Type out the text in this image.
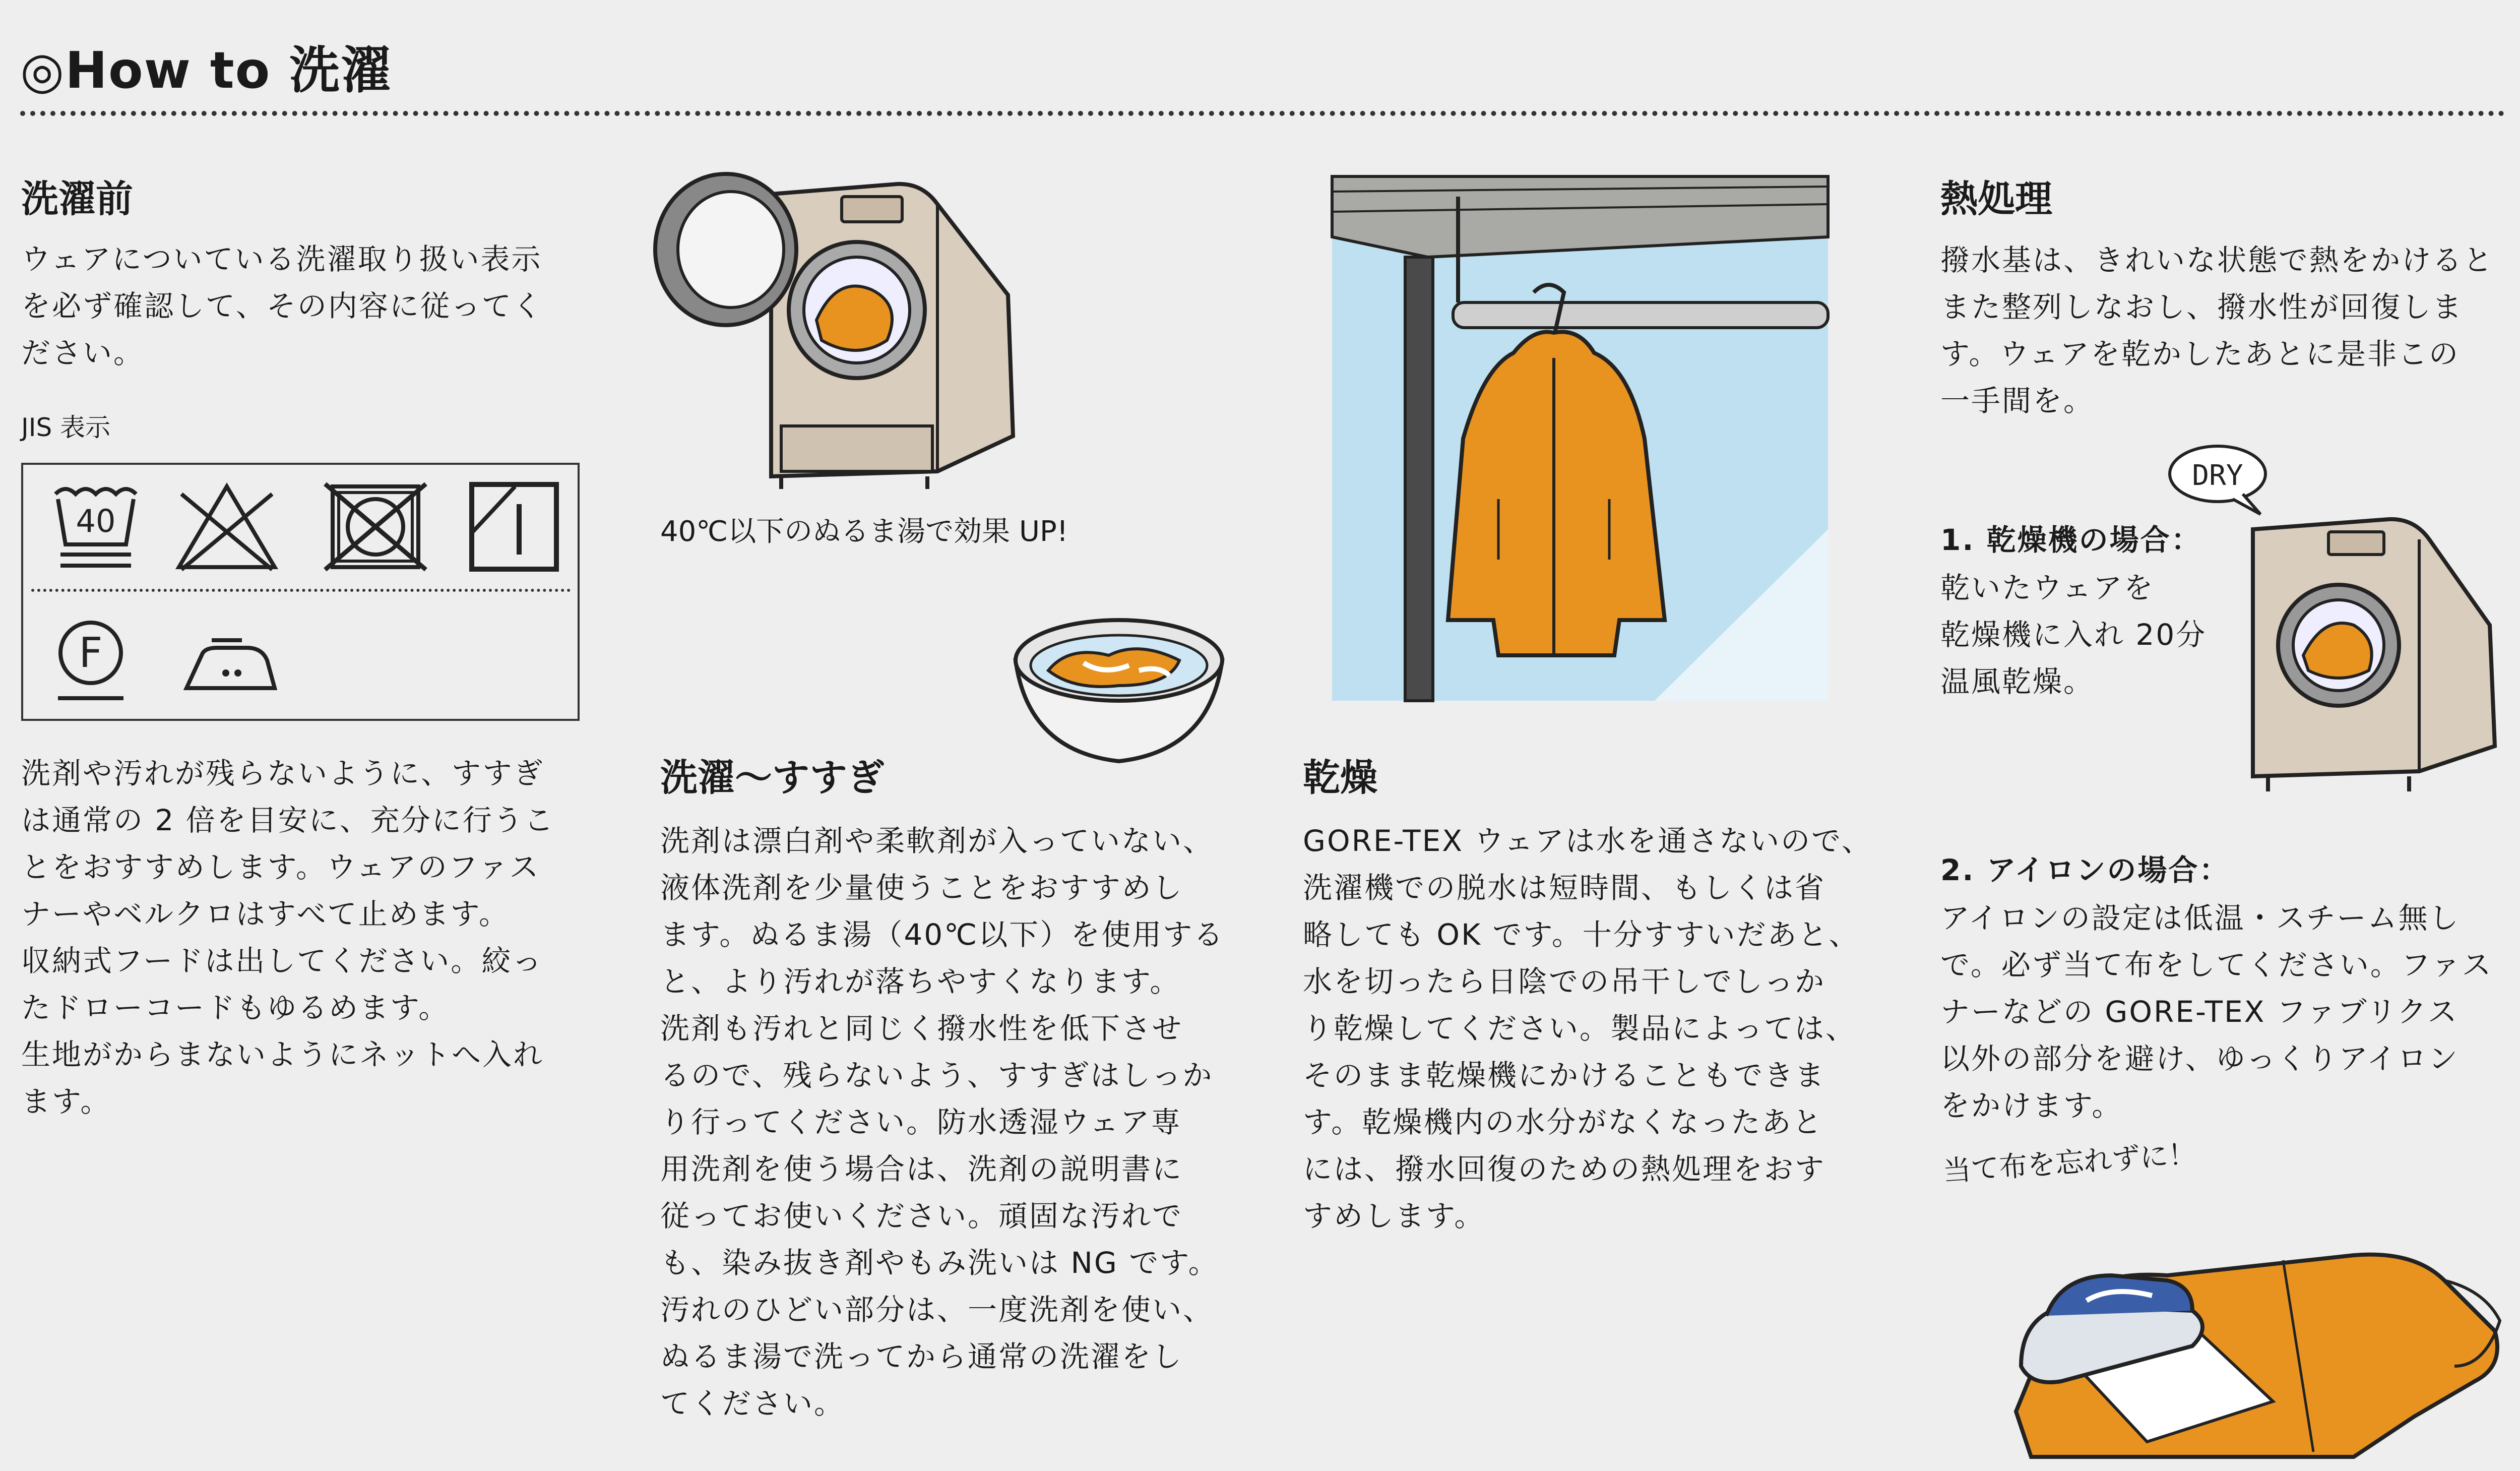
◎How to 洗濯
洗濯前
ウェアについている洗濯取り扱い表示
を必ず確認して、その内容に従ってく
ださい。
JIS 表示
40
F
洗剤や汚れが残らないように、すすぎ
は通常の 2 倍を目安に、充分に行うこ
とをおすすめします。ウェアのファス
ナーやベルクロはすべて止めます。
収納式フードは出してください。絞っ
たドローコードもゆるめます。
生地がからまないようにネットへ入れ
ます。
40℃以下のぬるま湯で効果 UP!
洗濯〜すすぎ
洗剤は漂白剤や柔軟剤が入っていない、
液体洗剤を少量使うことをおすすめし
ます。ぬるま湯（40℃以下）を使用する
と、より汚れが落ちやすくなります。
洗剤も汚れと同じく撥水性を低下させ
るので、残らないよう、すすぎはしっか
り行ってください。防水透湿ウェア専
用洗剤を使う場合は、洗剤の説明書に
従ってお使いください。頑固な汚れで
も、染み抜き剤やもみ洗いは NG です。
汚れのひどい部分は、一度洗剤を使い、
ぬるま湯で洗ってから通常の洗濯をし
てください。
乾燥
GORE-TEX ウェアは水を通さないので、
洗濯機での脱水は短時間、もしくは省
略しても OK です。十分すすいだあと、
水を切ったら日陰での吊干しでしっか
り乾燥してください。製品によっては、
そのまま乾燥機にかけることもできま
す。乾燥機内の水分がなくなったあと
には、撥水回復のための熱処理をおす
すめします。
熱処理
撥水基は、きれいな状態で熱をかけると
また整列しなおし、撥水性が回復しま
す。ウェアを乾かしたあとに是非この
一手間を。
DRY
1. 乾燥機の場合：
乾いたウェアを
乾燥機に入れ 20分
温風乾燥。
2. アイロンの場合：
アイロンの設定は低温・スチーム無し
で。必ず当て布をしてください。ファス
ナーなどの GORE-TEX ファブリクス
以外の部分を避け、ゆっくりアイロン
をかけます。
当て布を忘れずに！
